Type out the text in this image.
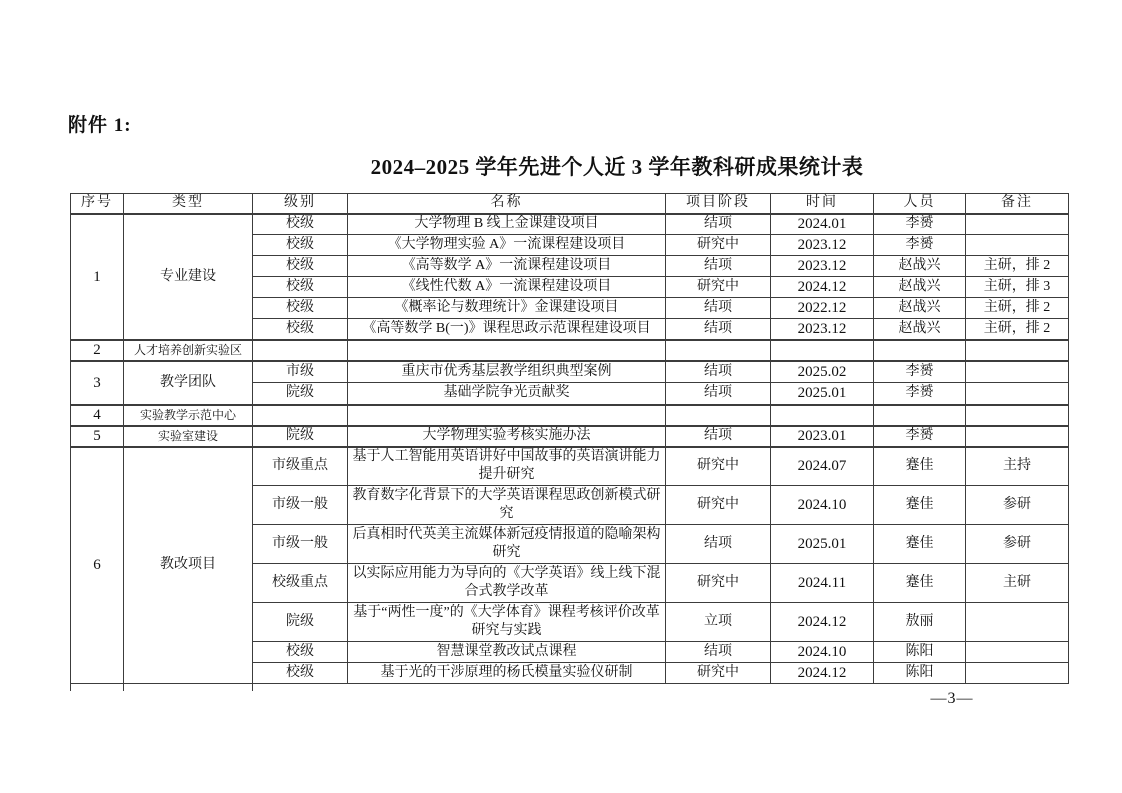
附件 1:
2024–2025 学年先进个人近 3 学年教科研成果统计表
序号	类型	级别	名称	项目阶段	时间	人员	备注
1	专业建设	校级	大学物理 B 线上金课建设项目	结项	2024.01	李赟	
		校级	《大学物理实验 A》一流课程建设项目	研究中	2023.12	李赟	
		校级	《高等数学 A》一流课程建设项目	结项	2023.12	赵战兴	主研，排 2
		校级	《线性代数 A》一流课程建设项目	研究中	2024.12	赵战兴	主研，排 3
		校级	《概率论与数理统计》金课建设项目	结项	2022.12	赵战兴	主研，排 2
		校级	《高等数学 B(一)》课程思政示范课程建设项目	结项	2023.12	赵战兴	主研，排 2
2	人才培养创新实验区						
3	教学团队	市级	重庆市优秀基层教学组织典型案例	结项	2025.02	李赟	
		院级	基础学院争光贡献奖	结项	2025.01	李赟	
4	实验教学示范中心						
5	实验室建设	院级	大学物理实验考核实施办法	结项	2023.01	李赟	
6	教改项目	市级重点	基于人工智能用英语讲好中国故事的英语演讲能力提升研究	研究中	2024.07	蹇佳	主持
		市级一般	教育数字化背景下的大学英语课程思政创新模式研究	研究中	2024.10	蹇佳	参研
		市级一般	后真相时代英美主流媒体新冠疫情报道的隐喻架构研究	结项	2025.01	蹇佳	参研
		校级重点	以实际应用能力为导向的《大学英语》线上线下混合式教学改革	研究中	2024.11	蹇佳	主研
		院级	基于“两性一度”的《大学体育》课程考核评价改革研究与实践	立项	2024.12	敖丽	
		校级	智慧课堂教改试点课程	结项	2024.10	陈阳	
		校级	基于光的干涉原理的杨氏模量实验仪研制	研究中	2024.12	陈阳	
—3—
